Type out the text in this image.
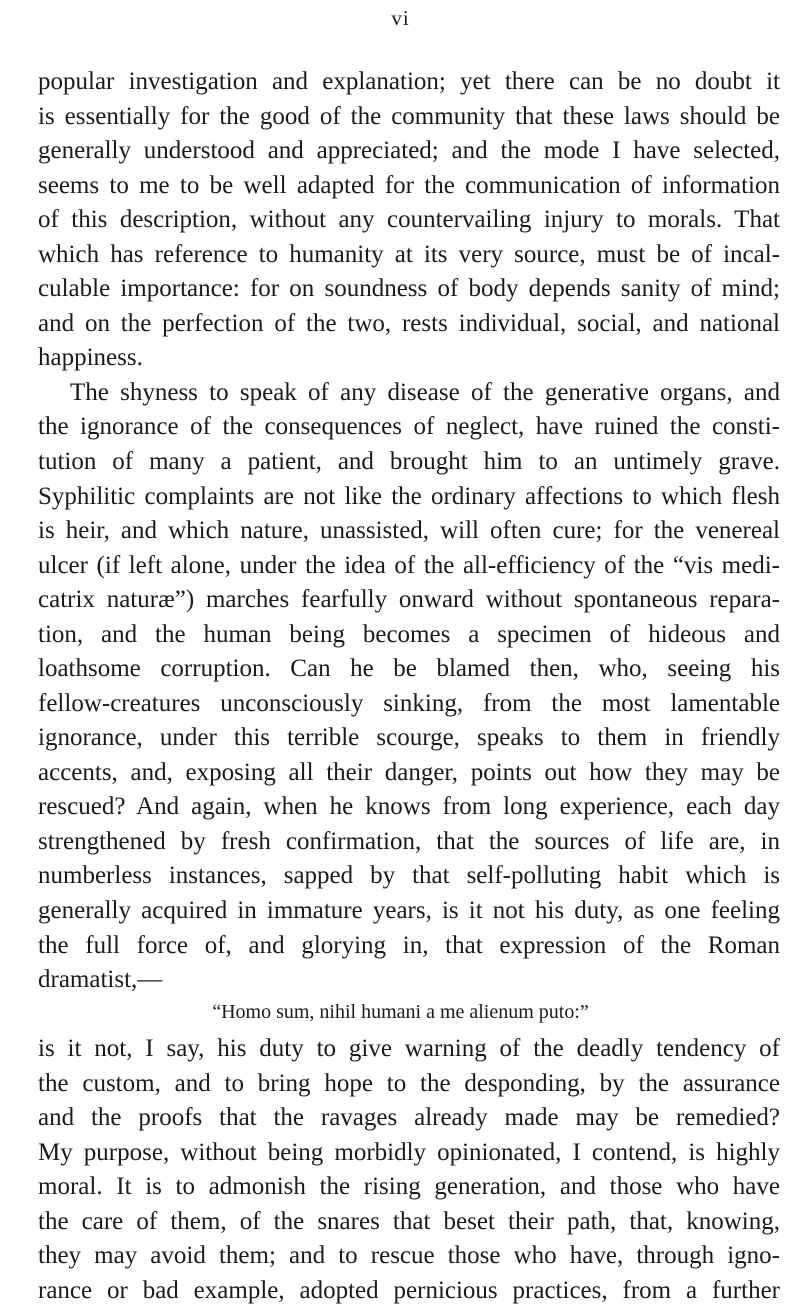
vi
popular investigation and explanation; yet there can be no doubt it
is essentially for the good of the community that these laws should be
generally understood and appreciated; and the mode I have selected,
seems to me to be well adapted for the communication of information
of this description, without any countervailing injury to morals. That
which has reference to humanity at its very source, must be of incal-
culable importance: for on soundness of body depends sanity of mind;
and on the perfection of the two, rests individual, social, and national
happiness.
The shyness to speak of any disease of the generative organs, and
the ignorance of the consequences of neglect, have ruined the consti-
tution of many a patient, and brought him to an untimely grave.
Syphilitic complaints are not like the ordinary affections to which flesh
is heir, and which nature, unassisted, will often cure; for the venereal
ulcer (if left alone, under the idea of the all-efficiency of the “vis medi-
catrix naturæ”) marches fearfully onward without spontaneous repara-
tion, and the human being becomes a specimen of hideous and
loathsome corruption. Can he be blamed then, who, seeing his
fellow-creatures unconsciously sinking, from the most lamentable
ignorance, under this terrible scourge, speaks to them in friendly
accents, and, exposing all their danger, points out how they may be
rescued? And again, when he knows from long experience, each day
strengthened by fresh confirmation, that the sources of life are, in
numberless instances, sapped by that self-polluting habit which is
generally acquired in immature years, is it not his duty, as one feeling
the full force of, and glorying in, that expression of the Roman
dramatist,—
“Homo sum, nihil humani a me alienum puto:”
is it not, I say, his duty to give warning of the deadly tendency of
the custom, and to bring hope to the desponding, by the assurance
and the proofs that the ravages already made may be remedied?
My purpose, without being morbidly opinionated, I contend, is highly
moral. It is to admonish the rising generation, and those who have
the care of them, of the snares that beset their path, that, knowing,
they may avoid them; and to rescue those who have, through igno-
rance or bad example, adopted pernicious practices, from a further
